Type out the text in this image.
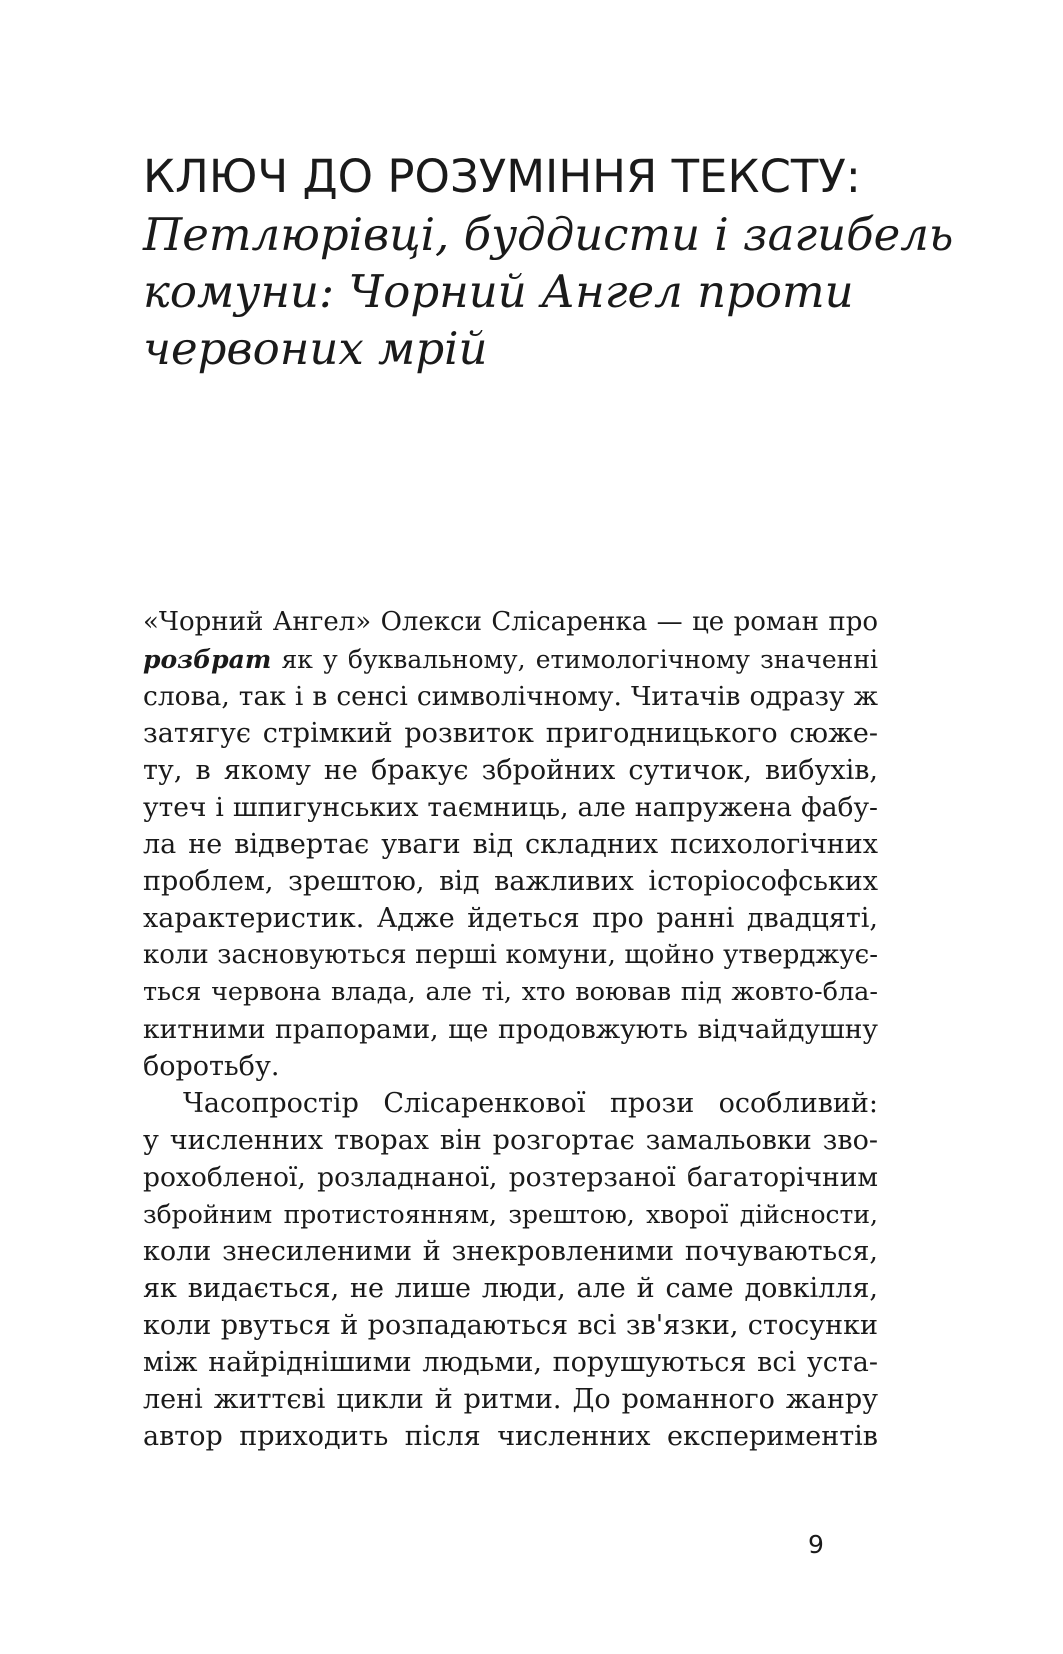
КЛЮЧ ДО РОЗУМІННЯ ТЕКСТУ:
Петлюрівці, буддисти і загибель
комуни: Чорний Ангел проти
червоних мрій

«Чорний Ангел» Олекси Слісаренка — це роман про
розбрат як у буквальному, етимологічному значенні
слова, так і в сенсі символічному. Читачів одразу ж
затягує стрімкий розвиток пригодницького сюже-
ту, в якому не бракує збройних сутичок, вибухів,
утеч і шпигунських таємниць, але напружена фабу-
ла не відвертає уваги від складних психологічних
проблем, зрештою, від важливих історіософських
характеристик. Адже йдеться про ранні двадцяті,
коли засновуються перші комуни, щойно утверджує-
ться червона влада, але ті, хто воював під жовто-бла-
китними прапорами, ще продовжують відчайдушну
боротьбу.

Часопростір Слісаренкової прози особливий:
у численних творах він розгортає замальовки зво-
рохобленої, розладнаної, розтерзаної багаторічним
збройним протистоянням, зрештою, хворої дійсности,
коли знесиленими й знекровленими почуваються,
як видається, не лише люди, але й саме довкілля,
коли рвуться й розпадаються всі зв'язки, стосунки
між найріднішими людьми, порушуються всі уста-
лені життєві цикли й ритми. До романного жанру
автор приходить після численних експериментів

9
